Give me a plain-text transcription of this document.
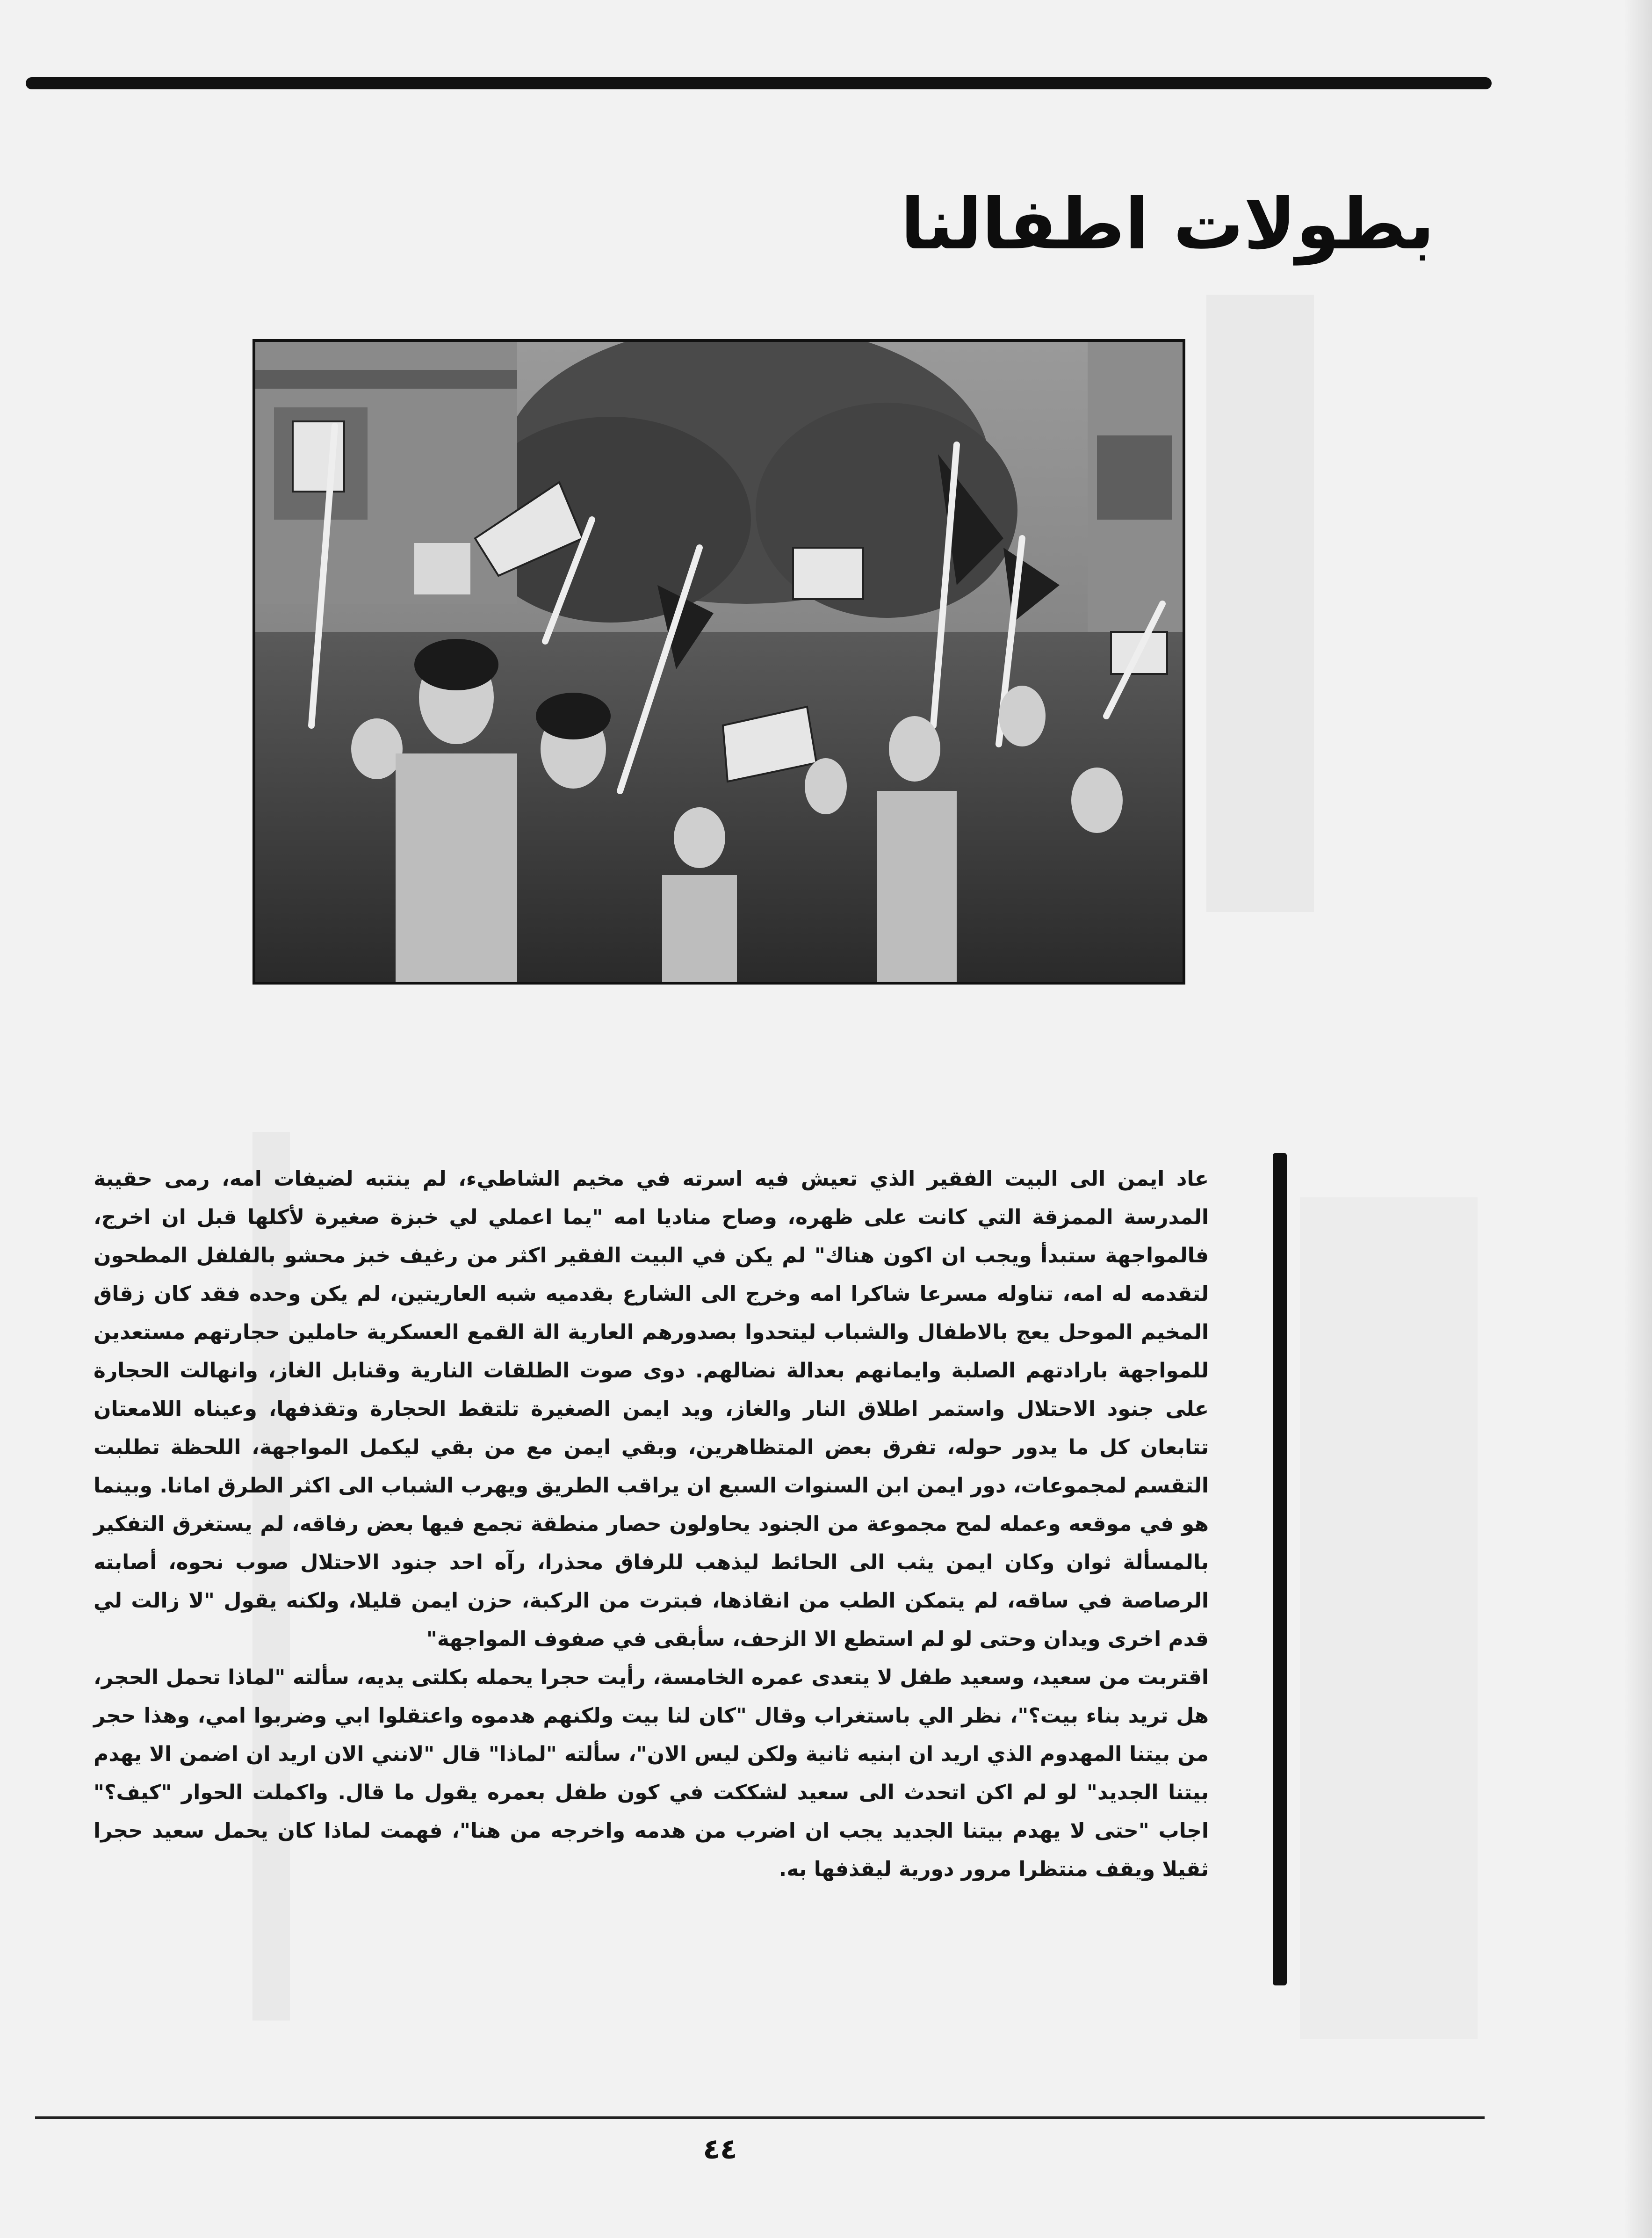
بطولات اطفالنا

عاد ايمن الى البيت الفقير الذي تعيش فيه اسرته في مخيم الشاطيء، لم ينتبه لضيفات امه، رمى حقيبة المدرسة الممزقة التي كانت على ظهره، وصاح مناديا امه "يما اعملي لي خبزة صغيرة لأكلها قبل ان اخرج، فالمواجهة ستبدأ ويجب ان اكون هناك" لم يكن في البيت الفقير اكثر من رغيف خبز محشو بالفلفل المطحون لتقدمه له امه، تناوله مسرعا شاكرا امه وخرج الى الشارع بقدميه شبه العاريتين، لم يكن وحده فقد كان زقاق المخيم الموحل يعج بالاطفال والشباب ليتحدوا بصدورهم العارية الة القمع العسكرية حاملين حجارتهم مستعدين للمواجهة بارادتهم الصلبة وايمانهم بعدالة نضالهم. دوى صوت الطلقات النارية وقنابل الغاز، وانهالت الحجارة على جنود الاحتلال واستمر اطلاق النار والغاز، ويد ايمن الصغيرة تلتقط الحجارة وتقذفها، وعيناه اللامعتان تتابعان كل ما يدور حوله، تفرق بعض المتظاهرين، وبقي ايمن مع من بقي ليكمل المواجهة، اللحظة تطلبت التقسم لمجموعات، دور ايمن ابن السنوات السبع ان يراقب الطريق ويهرب الشباب الى اكثر الطرق امانا. وبينما هو في موقعه وعمله لمح مجموعة من الجنود يحاولون حصار منطقة تجمع فيها بعض رفاقه، لم يستغرق التفكير بالمسألة ثوان وكان ايمن يثب الى الحائط ليذهب للرفاق محذرا، رآه احد جنود الاحتلال صوب نحوه، أصابته الرصاصة في ساقه، لم يتمكن الطب من انقاذها، فبترت من الركبة، حزن ايمن قليلا، ولكنه يقول "لا زالت لي قدم اخرى ويدان وحتى لو لم استطع الا الزحف، سأبقى في صفوف المواجهة"

اقتربت من سعيد، وسعيد طفل لا يتعدى عمره الخامسة، رأيت حجرا يحمله بكلتى يديه، سألته "لماذا تحمل الحجر، هل تريد بناء بيت؟"، نظر الي باستغراب وقال "كان لنا بيت ولكنهم هدموه واعتقلوا ابي وضربوا امي، وهذا حجر من بيتنا المهدوم الذي اريد ان ابنيه ثانية ولكن ليس الان"، سألته "لماذا" قال "لانني الان اريد ان اضمن الا يهدم بيتنا الجديد" لو لم اكن اتحدث الى سعيد لشككت في كون طفل بعمره يقول ما قال. واكملت الحوار "كيف؟" اجاب "حتى لا يهدم بيتنا الجديد يجب ان اضرب من هدمه واخرجه من هنا"، فهمت لماذا كان يحمل سعيد حجرا ثقيلا ويقف منتظرا مرور دورية ليقذفها به.

٤٤
